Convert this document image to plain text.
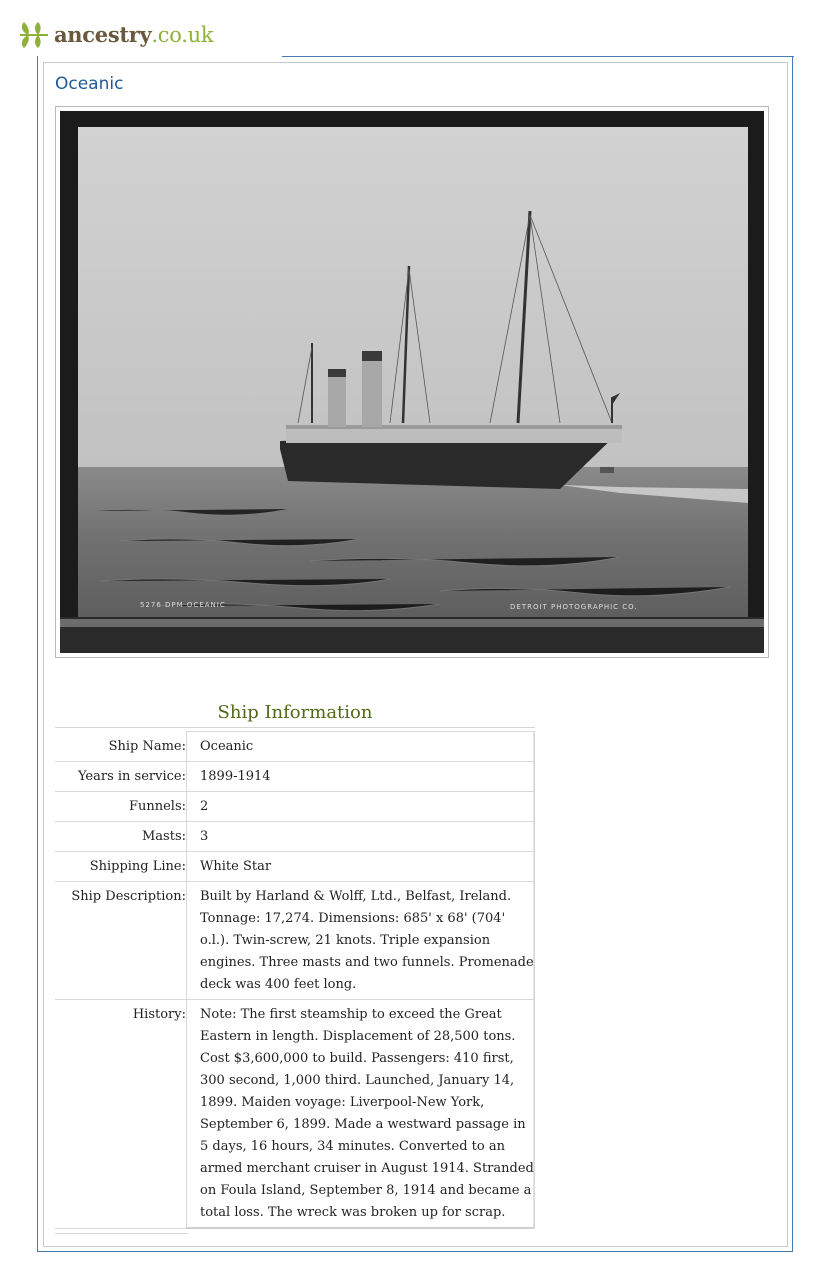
ancestry.co.uk
Oceanic
5276 DPM OCEANIC	DETROIT PHOTOGRAPHIC CO.
Ship Information
Ship Name:	Oceanic
Years in service:	1899-1914
Funnels:	2
Masts:	3
Shipping Line:	White Star
Ship Description:	Built by Harland & Wolff, Ltd., Belfast, Ireland. Tonnage: 17,274. Dimensions: 685' x 68' (704' o.l.). Twin-screw, 21 knots. Triple expansion engines. Three masts and two funnels. Promenade deck was 400 feet long.
History:	Note: The first steamship to exceed the Great Eastern in length. Displacement of 28,500 tons. Cost $3,600,000 to build. Passengers: 410 first, 300 second, 1,000 third. Launched, January 14, 1899. Maiden voyage: Liverpool-New York, September 6, 1899. Made a westward passage in 5 days, 16 hours, 34 minutes. Converted to an armed merchant cruiser in August 1914. Stranded on Foula Island, September 8, 1914 and became a total loss. The wreck was broken up for scrap.
